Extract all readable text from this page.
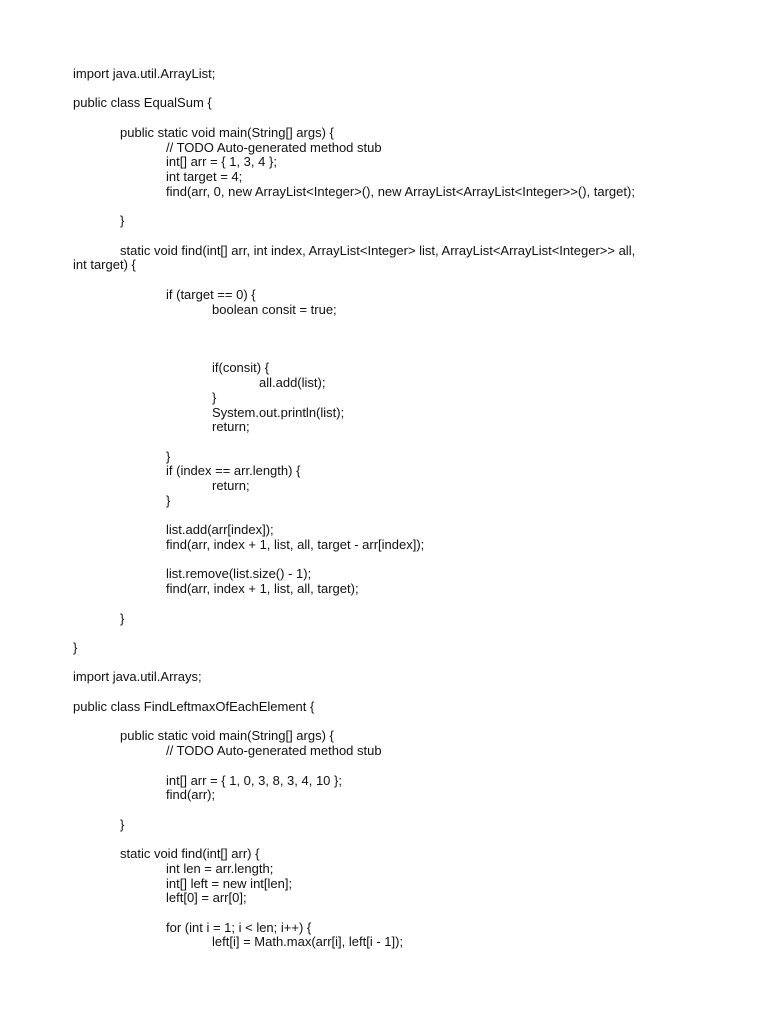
import java.util.ArrayList;
public class EqualSum {
public static void main(String[] args) {
// TODO Auto-generated method stub
int[] arr = { 1, 3, 4 };
int target = 4;
find(arr, 0, new ArrayList<Integer>(), new ArrayList<ArrayList<Integer>>(), target);
}
static void find(int[] arr, int index, ArrayList<Integer> list, ArrayList<ArrayList<Integer>> all,
int target) {
if (target == 0) {
boolean consit = true;
if(consit) {
all.add(list);
}
System.out.println(list);
return;
}
if (index == arr.length) {
return;
}
list.add(arr[index]);
find(arr, index + 1, list, all, target - arr[index]);
list.remove(list.size() - 1);
find(arr, index + 1, list, all, target);
}
}
import java.util.Arrays;
public class FindLeftmaxOfEachElement {
public static void main(String[] args) {
// TODO Auto-generated method stub
int[] arr = { 1, 0, 3, 8, 3, 4, 10 };
find(arr);
}
static void find(int[] arr) {
int len = arr.length;
int[] left = new int[len];
left[0] = arr[0];
for (int i = 1; i < len; i++) {
left[i] = Math.max(arr[i], left[i - 1]);
